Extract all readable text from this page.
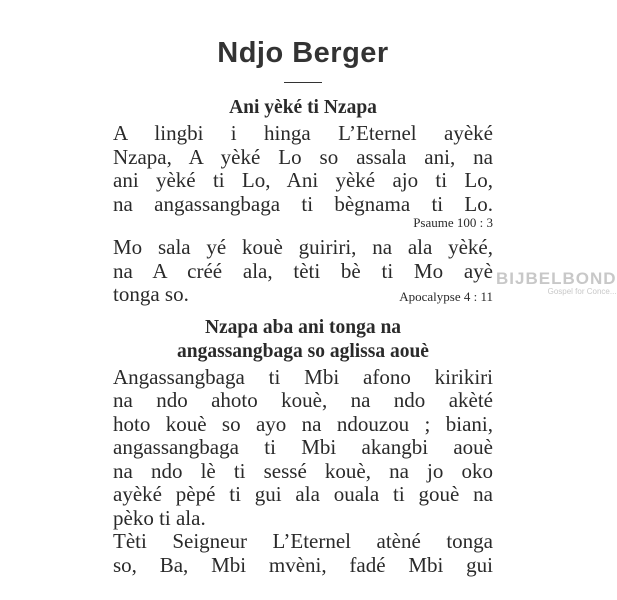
Ndjo Berger
Ani yèké ti Nzapa
A lingbi i hinga L’Eternel ayèké
Nzapa, A yèké Lo so assala ani, na
ani yèké ti Lo, Ani yèké ajo ti Lo,
na angassangbaga ti bègnama ti Lo.
Psaume 100 : 3
Mo sala yé kouè guiriri, na ala yèké,
na A créé ala, tèti bè ti Mo ayè
tonga so.	Apocalypse 4 : 11
Nzapa aba ani tonga na
angassangbaga so aglissa aouè
Angassangbaga ti Mbi afono kirikiri
na ndo ahoto kouè, na ndo akèté
hoto kouè so ayo na ndouzou ; biani,
angassangbaga ti Mbi akangbi aouè
na ndo lè ti sessé kouè, na jo oko
ayèké pèpé ti gui ala ouala ti gouè na
pèko ti ala.
Tèti Seigneur L’Eternel atèné tonga
so, Ba, Mbi mvèni, fadé Mbi gui
BIJBELBOND
Gospel for Conce...
